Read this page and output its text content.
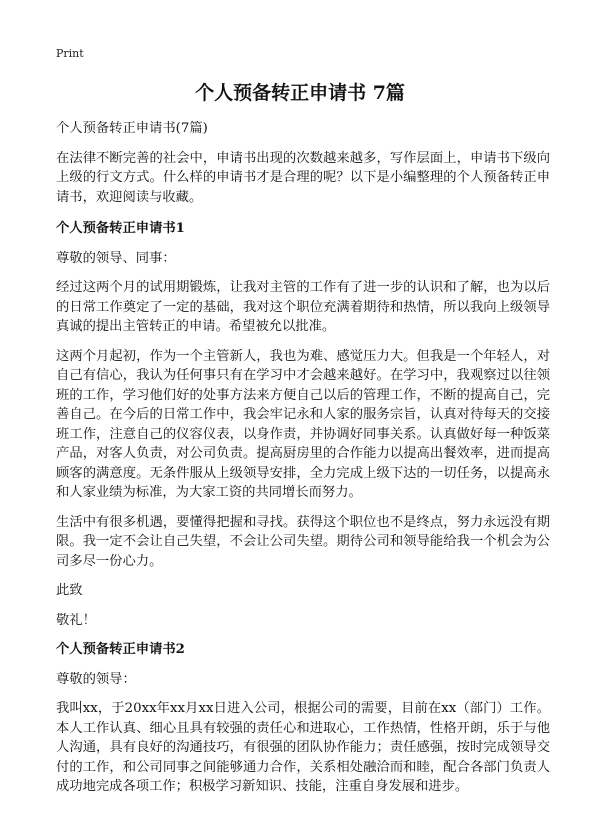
Print
个人预备转正申请书 7篇

个人预备转正申请书(7篇)

在法律不断完善的社会中，申请书出现的次数越来越多，写作层面上，申请书下级向上级的行文方式。什么样的申请书才是合理的呢？以下是小编整理的个人预备转正申请书，欢迎阅读与收藏。

个人预备转正申请书1

尊敬的领导、同事：

经过这两个月的试用期锻炼，让我对主管的工作有了进一步的认识和了解，也为以后的日常工作奠定了一定的基础，我对这个职位充满着期待和热情，所以我向上级领导真诚的提出主管转正的申请。希望被允以批准。

这两个月起初，作为一个主管新人，我也为难、感觉压力大。但我是一个年轻人，对自己有信心，我认为任何事只有在学习中才会越来越好。在学习中，我观察过以往领班的工作，学习他们好的处事方法来方便自己以后的管理工作，不断的提高自己，完善自己。在今后的日常工作中，我会牢记永和人家的服务宗旨，认真对待每天的交接班工作，注意自己的仪容仪表，以身作责，并协调好同事关系。认真做好每一种饭菜产品，对客人负责，对公司负责。提高厨房里的合作能力以提高出餐效率，进而提高顾客的满意度。无条件服从上级领导安排，全力完成上级下达的一切任务，以提高永和人家业绩为标准，为大家工资的共同增长而努力。

生活中有很多机遇，要懂得把握和寻找。获得这个职位也不是终点，努力永远没有期限。我一定不会让自己失望，不会让公司失望。期待公司和领导能给我一个机会为公司多尽一份心力。

此致

敬礼！

个人预备转正申请书2

尊敬的领导：

我叫xx，于20xx年xx月xx日进入公司，根据公司的需要，目前在xx（部门）工作。本人工作认真、细心且具有较强的责任心和进取心，工作热情，性格开朗，乐于与他人沟通，具有良好的沟通技巧，有很强的团队协作能力；责任感强，按时完成领导交付的工作，和公司同事之间能够通力合作，关系相处融洽而和睦，配合各部门负责人成功地完成各项工作；积极学习新知识、技能，注重自身发展和进步。
